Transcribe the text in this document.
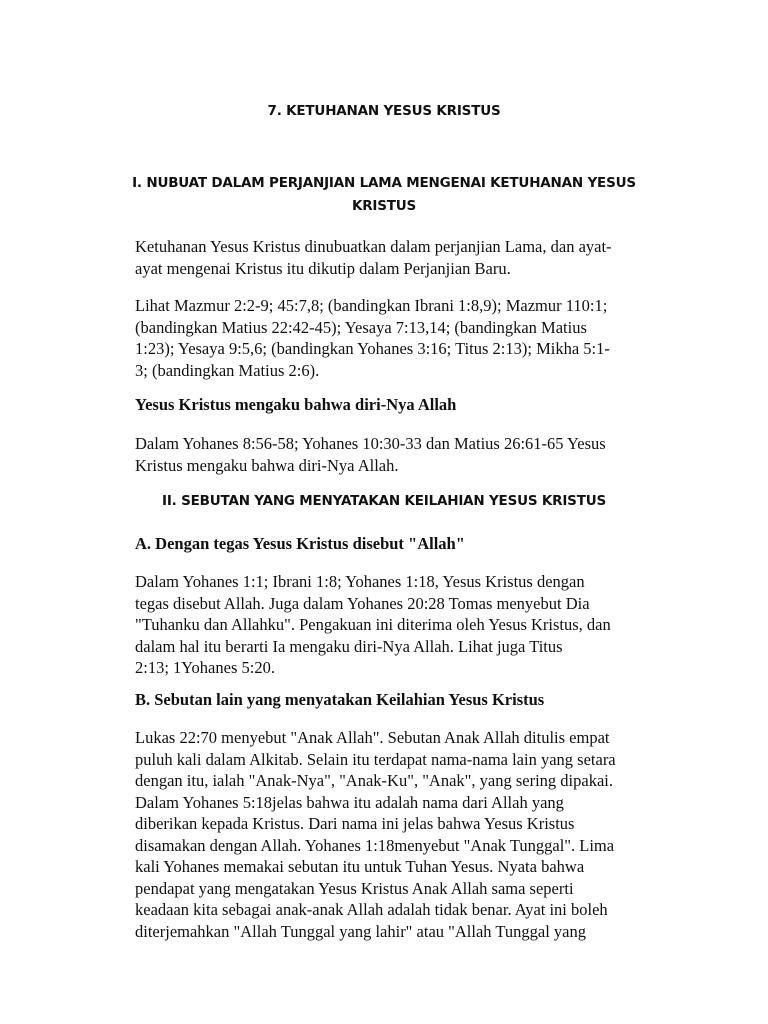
7. KETUHANAN YESUS KRISTUS
I. NUBUAT DALAM PERJANJIAN LAMA MENGENAI KETUHANAN YESUS
KRISTUS
Ketuhanan Yesus Kristus dinubuatkan dalam perjanjian Lama, dan ayat-
ayat mengenai Kristus itu dikutip dalam Perjanjian Baru.
Lihat Mazmur 2:2-9; 45:7,8; (bandingkan Ibrani 1:8,9); Mazmur 110:1;
(bandingkan Matius 22:42-45); Yesaya 7:13,14; (bandingkan Matius
1:23); Yesaya 9:5,6; (bandingkan Yohanes 3:16; Titus 2:13); Mikha 5:1-
3; (bandingkan Matius 2:6).
Yesus Kristus mengaku bahwa diri-Nya Allah
Dalam Yohanes 8:56-58; Yohanes 10:30-33 dan Matius 26:61-65 Yesus
Kristus mengaku bahwa diri-Nya Allah.
II. SEBUTAN YANG MENYATAKAN KEILAHIAN YESUS KRISTUS
A. Dengan tegas Yesus Kristus disebut "Allah"
Dalam Yohanes 1:1; Ibrani 1:8; Yohanes 1:18, Yesus Kristus dengan
tegas disebut Allah. Juga dalam Yohanes 20:28 Tomas menyebut Dia
"Tuhanku dan Allahku". Pengakuan ini diterima oleh Yesus Kristus, dan
dalam hal itu berarti Ia mengaku diri-Nya Allah. Lihat juga Titus
2:13; 1Yohanes 5:20.
B. Sebutan lain yang menyatakan Keilahian Yesus Kristus
Lukas 22:70 menyebut "Anak Allah". Sebutan Anak Allah ditulis empat
puluh kali dalam Alkitab. Selain itu terdapat nama-nama lain yang setara
dengan itu, ialah "Anak-Nya", "Anak-Ku", "Anak", yang sering dipakai.
Dalam Yohanes 5:18jelas bahwa itu adalah nama dari Allah yang
diberikan kepada Kristus. Dari nama ini jelas bahwa Yesus Kristus
disamakan dengan Allah. Yohanes 1:18menyebut "Anak Tunggal". Lima
kali Yohanes memakai sebutan itu untuk Tuhan Yesus. Nyata bahwa
pendapat yang mengatakan Yesus Kristus Anak Allah sama seperti
keadaan kita sebagai anak-anak Allah adalah tidak benar. Ayat ini boleh
diterjemahkan "Allah Tunggal yang lahir" atau "Allah Tunggal yang
